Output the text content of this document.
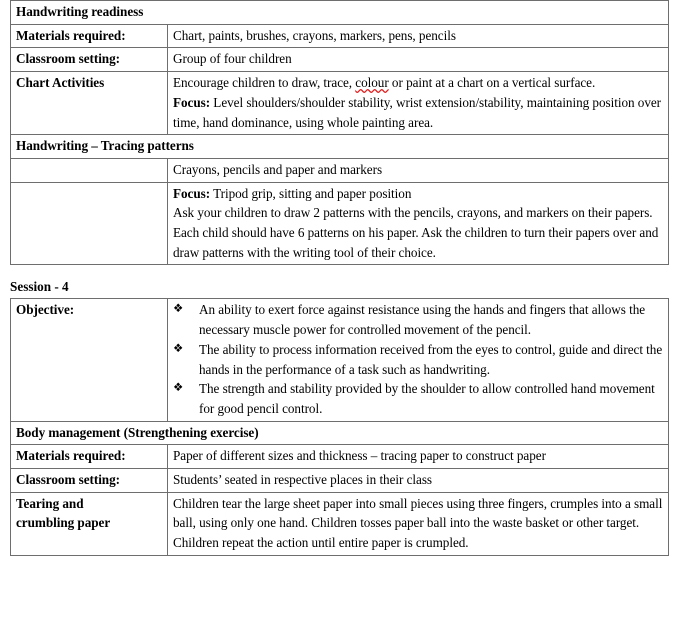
Handwriting readiness	
Materials required:	Chart, paints, brushes, crayons, markers, pens, pencils
Classroom setting:	Group of four children
Chart Activities	Encourage children to draw, trace, colour or paint at a chart on a vertical surface.
Focus: Level shoulders/shoulder stability, wrist extension/stability, maintaining position over time, hand dominance, using whole painting area.

Handwriting – Tracing patterns	
	Crayons, pencils and paper and markers

	Focus: Tripod grip, sitting and paper position
Ask your children to draw 2 patterns with the pencils, crayons, and markers on their papers. Each child should have 6 patterns on his paper. Ask the children to turn their papers over and draw patterns with the writing tool of their choice.
Session - 4
Objective:	❖ An ability to exert force against resistance using the hands and fingers that allows the necessary muscle power for controlled movement of the pencil.
❖ The ability to process information received from the eyes to control, guide and direct the hands in the performance of a task such as handwriting.
❖ The strength and stability provided by the shoulder to allow controlled hand movement for good pencil control.

Body management (Strengthening exercise)	
Materials required:	Paper of different sizes and thickness – tracing paper to construct paper
Classroom setting:	Students’ seated in respective places in their class

Tearing and
crumbling paper	Children tear the large sheet paper into small pieces using three fingers, crumples into a small ball, using only one hand. Children tosses paper ball into the waste basket or other target. Children repeat the action until entire paper is crumpled.
